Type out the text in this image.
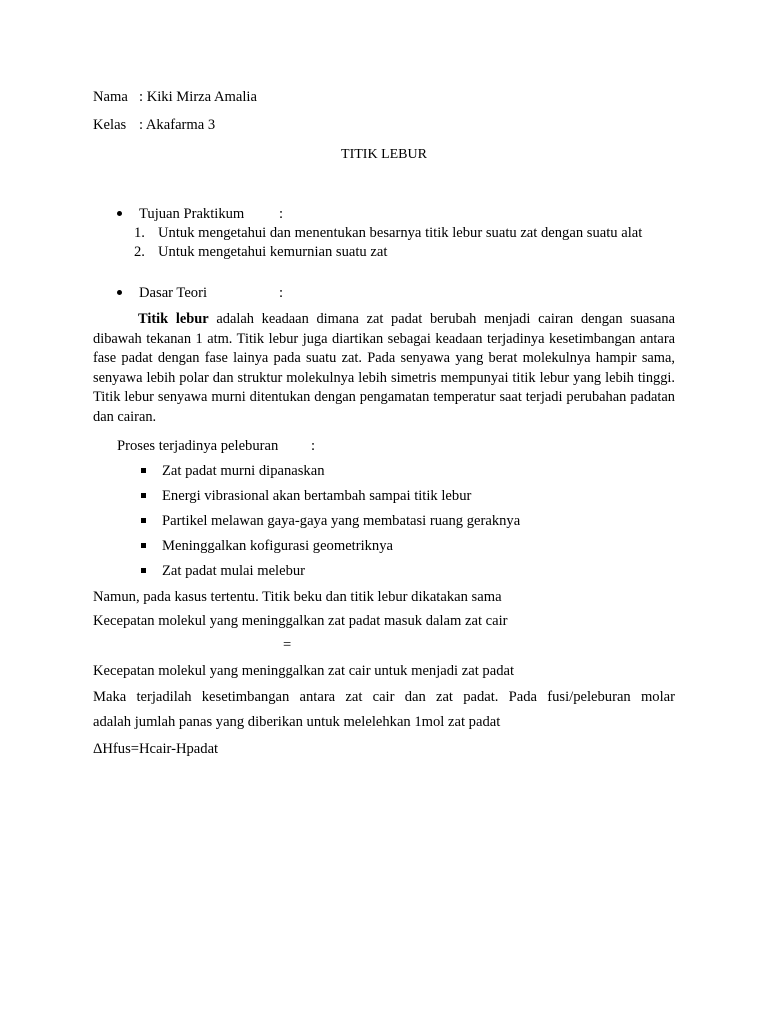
Nama : Kiki Mirza Amalia
Kelas : Akafarma 3
TITIK LEBUR
Tujuan Praktikum :
1. Untuk mengetahui dan menentukan besarnya titik lebur suatu zat dengan suatu alat
2. Untuk mengetahui kemurnian suatu zat
Dasar Teori	:
Titik lebur adalah keadaan dimana zat padat berubah menjadi cairan dengan suasana dibawah tekanan 1 atm. Titik lebur juga diartikan sebagai keadaan terjadinya kesetimbangan antara fase padat dengan fase lainya pada suatu zat. Pada senyawa yang berat molekulnya hampir sama, senyawa lebih polar dan struktur molekulnya lebih simetris mempunyai titik lebur yang lebih tinggi. Titik lebur senyawa murni ditentukan dengan pengamatan temperatur saat terjadi perubahan padatan dan cairan.
Proses terjadinya peleburan :
Zat padat murni dipanaskan
Energi vibrasional akan bertambah sampai titik lebur
Partikel melawan gaya-gaya yang membatasi ruang geraknya
Meninggalkan kofigurasi geometriknya
Zat padat mulai melebur
Namun, pada kasus tertentu. Titik beku dan titik lebur dikatakan sama
Kecepatan molekul yang meninggalkan zat padat masuk dalam zat cair
=
Kecepatan molekul yang meninggalkan zat cair untuk menjadi zat padat
Maka terjadilah kesetimbangan antara zat cair dan zat padat. Pada fusi/peleburan molar
adalah jumlah panas yang diberikan untuk melelehkan 1mol zat padat
ΔHfus=Hcair-Hpadat
